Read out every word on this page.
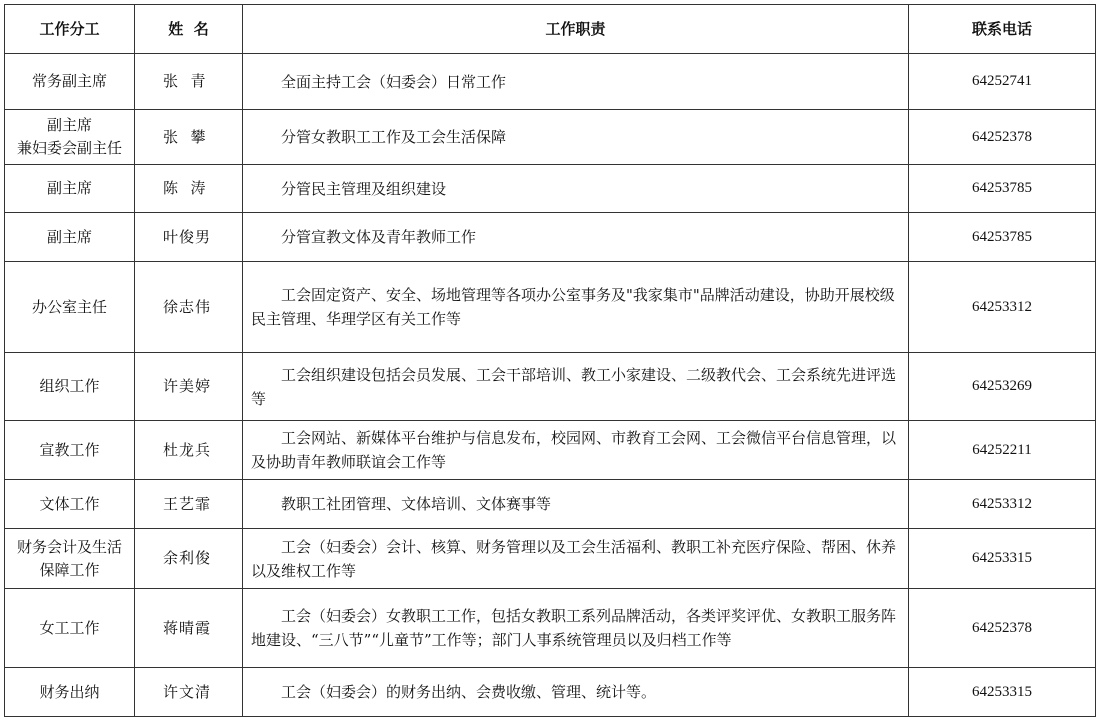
工作分工	姓  名	工作职责	联系电话

常务副主席	张  青	全面主持工会（妇委会）日常工作	64252741

副主席
兼妇委会副主任	张  攀	分管女教职工工作及工会生活保障	64252378

副主席	陈  涛	分管民主管理及组织建设	64253785

副主席	叶俊男	分管宣教文体及青年教师工作	64253785

办公室主任	徐志伟	工会固定资产、安全、场地管理等各项办公室事务及"我家集市"品牌活动建设，协助开展校级民主管理、华理学区有关工作等	64253312

组织工作	许美婷	工会组织建设包括会员发展、工会干部培训、教工小家建设、二级教代会、工会系统先进评选等	64253269

宣教工作	杜龙兵	工会网站、新媒体平台维护与信息发布，校园网、市教育工会网、工会微信平台信息管理，以及协助青年教师联谊会工作等	64252211

文体工作	王艺霏	教职工社团管理、文体培训、文体赛事等	64253312

财务会计及生活
保障工作	余利俊	工会（妇委会）会计、核算、财务管理以及工会生活福利、教职工补充医疗保险、帮困、休养以及维权工作等	64253315

女工工作	蒋晴霞	工会（妇委会）女教职工工作，包括女教职工系列品牌活动，各类评奖评优、女教职工服务阵地建设、“三八节”“儿童节”工作等；部门人事系统管理员以及归档工作等	64252378

财务出纳	许文清	工会（妇委会）的财务出纳、会费收缴、管理、统计等。	64253315
